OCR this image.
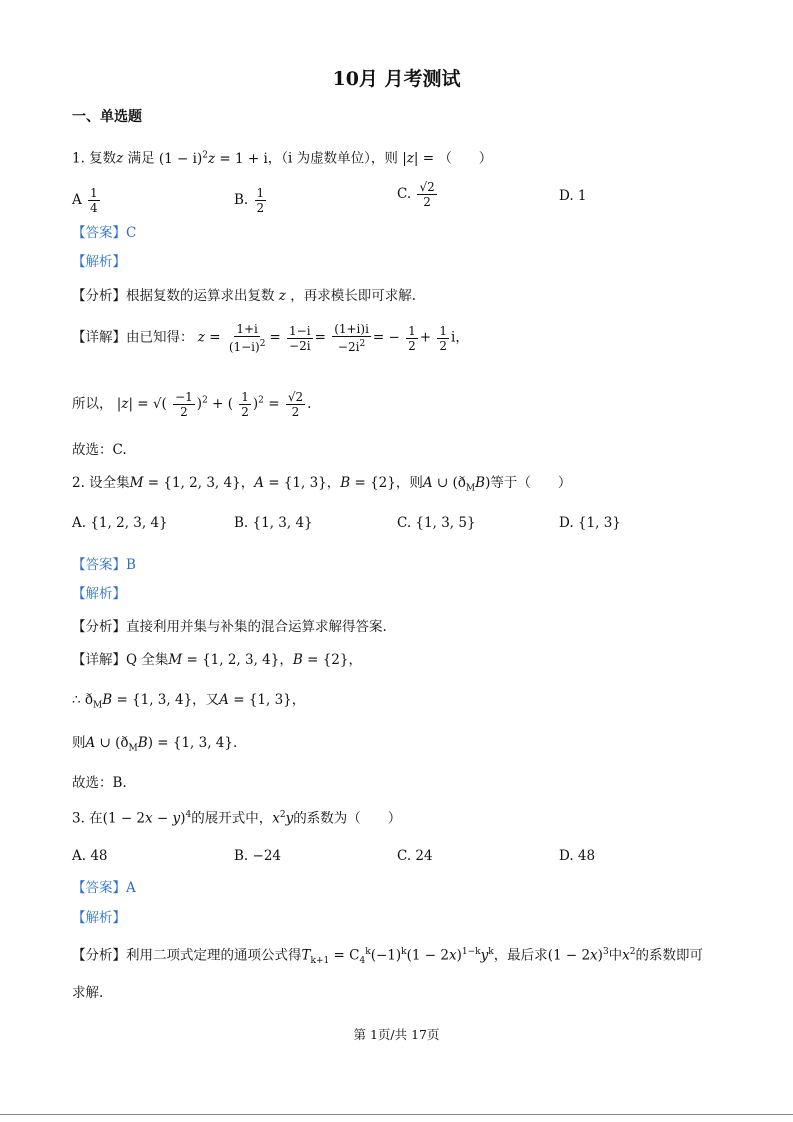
10月 月考测试
一、单选题
1. 复数z 满足 $(1 - i)^2z = 1 + i$，（i 为虚数单位），则 |z| = （　　）
A $\frac{1}{4}$	B. $\frac{1}{2}$	C. $\frac{√2}{2}$	D. 1
【答案】C
【解析】
【分析】根据复数的运算求出复数 z ，再求模长即可求解.
【详解】由已知得： $z = \frac{1+i}{(1-i)^2} = \frac{1-i}{-2i} = \frac{(1+i)i}{-2i^2}$ = − $\frac{1}{2} + \frac{1}{2}$ i，
所以， |z| = √( $\frac{-1}{2} )^2$ + ( $\frac{1}{2} )^2 = \frac{√2}{2}$ .
故选：C.
2. 设全集M = {1, 2, 3, 4}，A = {1, 3}，B = {2}，则A ∪ $(ð_MB)$等于（　　）
A. {1, 2, 3, 4}	B. {1, 3, 4}	C. {1, 3, 5}	D. {1, 3}
【答案】B
【解析】
【分析】直接利用并集与补集的混合运算求解得答案.
【详解】Q 全集M = {1, 2, 3, 4}，B = {2}，
∴ $ð_MB = \{1$, 3, 4}，又A = {1, 3}，
则A ∪ $(ð_MB) = \{1$, 3, 4}.
故选：B.
3. 在$(1 - 2x - y)^4$的展开式中，$x^2y$的系数为（　　）
A. 48	B. −24	C. 24	D. 48
【答案】A
【解析】
【分析】利用二项式定理的通项公式得$T_{k+1} = C_4^k(-1)^k(1 - 2x)^{1-k}y^k$，最后求$(1 - 2x)^3$中$x^2$的系数即可
求解.
第 1页/共 17页
